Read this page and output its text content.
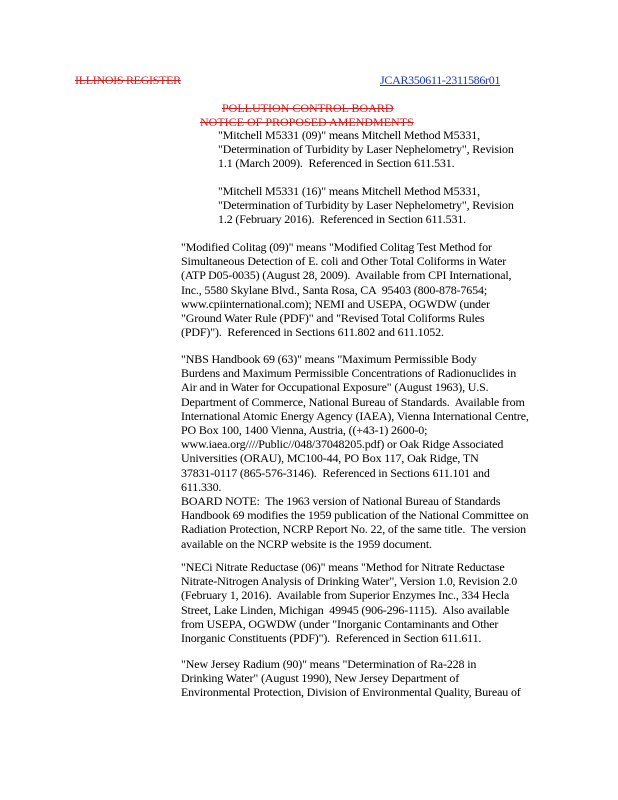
ILLINOIS REGISTER	JCAR350611-2311586r01
POLLUTION CONTROL BOARD
NOTICE OF PROPOSED AMENDMENTS
"Mitchell M5331 (09)" means Mitchell Method M5331,
"Determination of Turbidity by Laser Nephelometry", Revision
1.1 (March 2009).  Referenced in Section 611.531.
"Mitchell M5331 (16)" means Mitchell Method M5331,
"Determination of Turbidity by Laser Nephelometry", Revision
1.2 (February 2016).  Referenced in Section 611.531.
"Modified Colitag (09)" means "Modified Colitag Test Method for
Simultaneous Detection of E. coli and Other Total Coliforms in Water
(ATP D05-0035) (August 28, 2009).  Available from CPI International,
Inc., 5580 Skylane Blvd., Santa Rosa, CA  95403 (800-878-7654;
www.cpiinternational.com); NEMI and USEPA, OGWDW (under
"Ground Water Rule (PDF)" and "Revised Total Coliforms Rules
(PDF)").  Referenced in Sections 611.802 and 611.1052.
"NBS Handbook 69 (63)" means "Maximum Permissible Body
Burdens and Maximum Permissible Concentrations of Radionuclides in
Air and in Water for Occupational Exposure" (August 1963), U.S.
Department of Commerce, National Bureau of Standards.  Available from
International Atomic Energy Agency (IAEA), Vienna International Centre,
PO Box 100, 1400 Vienna, Austria, ((+43-1) 2600-0;
www.iaea.org////Public//048/37048205.pdf) or Oak Ridge Associated
Universities (ORAU), MC100-44, PO Box 117, Oak Ridge, TN
37831-0117 (865-576-3146).  Referenced in Sections 611.101 and
611.330.
BOARD NOTE:  The 1963 version of National Bureau of Standards
Handbook 69 modifies the 1959 publication of the National Committee on
Radiation Protection, NCRP Report No. 22, of the same title.  The version
available on the NCRP website is the 1959 document.
"NECi Nitrate Reductase (06)" means "Method for Nitrate Reductase
Nitrate-Nitrogen Analysis of Drinking Water", Version 1.0, Revision 2.0
(February 1, 2016).  Available from Superior Enzymes Inc., 334 Hecla
Street, Lake Linden, Michigan  49945 (906-296-1115).  Also available
from USEPA, OGWDW (under "Inorganic Contaminants and Other
Inorganic Constituents (PDF)").  Referenced in Section 611.611.
"New Jersey Radium (90)" means "Determination of Ra-228 in
Drinking Water" (August 1990), New Jersey Department of
Environmental Protection, Division of Environmental Quality, Bureau of
